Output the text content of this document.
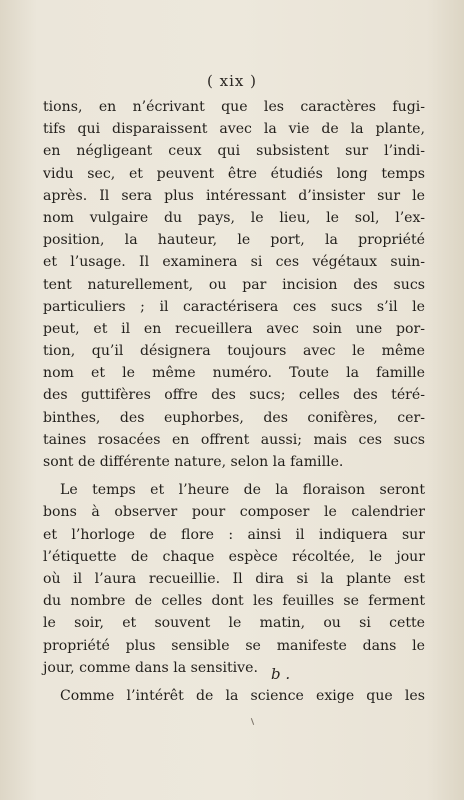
( xix )
tions, en n’écrivant que les caractères fugi-
tifs qui disparaissent avec la vie de la plante,
en négligeant ceux qui subsistent sur l’indi-
vidu sec, et peuvent être étudiés long temps
après. Il sera plus intéressant d’insister sur le
nom vulgaire du pays, le lieu, le sol, l’ex-
position, la hauteur, le port, la propriété
et l’usage. Il examinera si ces végétaux suin-
tent naturellement, ou par incision des sucs
particuliers ; il caractérisera ces sucs s’il le
peut, et il en recueillera avec soin une por-
tion, qu’il désignera toujours avec le même
nom et le même numéro. Toute la famille
des guttifères offre des sucs; celles des téré-
binthes, des euphorbes, des conifères, cer-
taines rosacées en offrent aussi; mais ces sucs
sont de différente nature, selon la famille.
Le temps et l’heure de la floraison seront
bons à observer pour composer le calendrier
et l’horloge de flore : ainsi il indiquera sur
l’étiquette de chaque espèce récoltée, le jour
où il l’aura recueillie. Il dira si la plante est
du nombre de celles dont les feuilles se ferment
le soir, et souvent le matin, ou si cette
propriété plus sensible se manifeste dans le
jour, comme dans la sensitive.
Comme l’intérêt de la science exige que les
b .
